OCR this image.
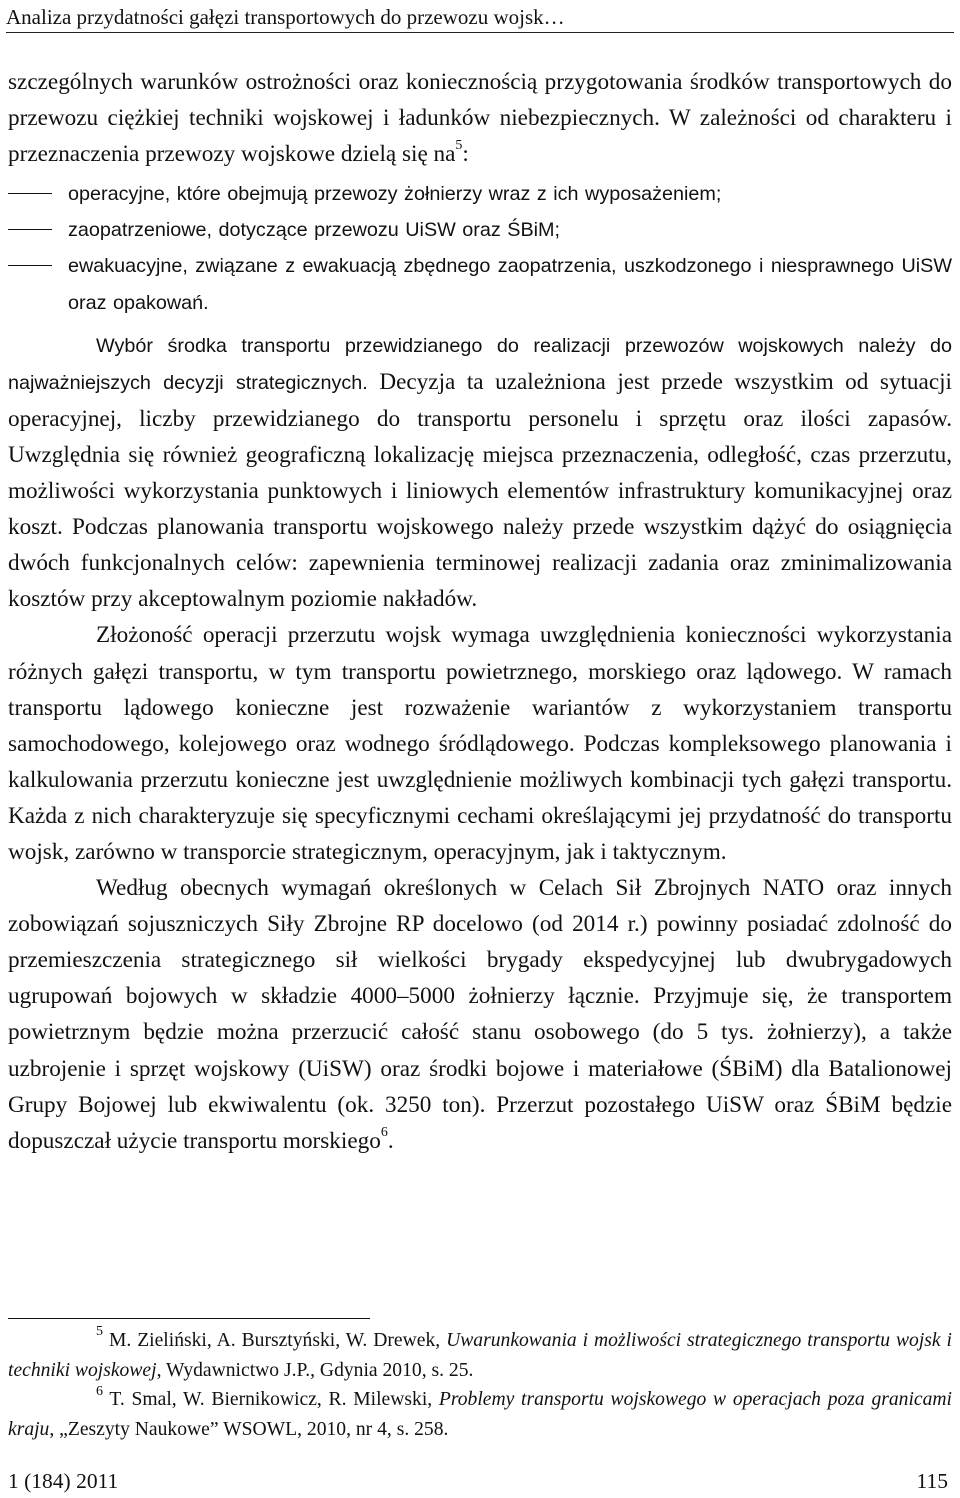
Analiza przydatności gałęzi transportowych do przewozu wojsk…

szczególnych warunków ostrożności oraz koniecznością przygotowania środków transportowych do przewozu ciężkiej techniki wojskowej i ładunków niebezpiecznych. W zależności od charakteru i przeznaczenia przewozy wojskowe dzielą się $na^5$:

operacyjne, które obejmują przewozy żołnierzy wraz z ich wyposażeniem;
zaopatrzeniowe, dotyczące przewozu UiSW oraz ŚBiM;
ewakuacyjne, związane z ewakuacją zbędnego zaopatrzenia, uszkodzonego i niesprawnego UiSW oraz opakowań.

Wybór środka transportu przewidzianego do realizacji przewozów wojskowych należy do najważniejszych decyzji strategicznych. Decyzja ta uzależniona jest przede wszystkim od sytuacji operacyjnej, liczby przewidzianego do transportu personelu i sprzętu oraz ilości zapasów. Uwzględnia się również geograficzną lokalizację miejsca przeznaczenia, odległość, czas przerzutu, możliwości wykorzystania punktowych i liniowych elementów infrastruktury komunikacyjnej oraz koszt. Podczas planowania transportu wojskowego należy przede wszystkim dążyć do osiągnięcia dwóch funkcjonalnych celów: zapewnienia terminowej realizacji zadania oraz zminimalizowania kosztów przy akceptowalnym poziomie nakładów.

Złożoność operacji przerzutu wojsk wymaga uwzględnienia konieczności wykorzystania różnych gałęzi transportu, w tym transportu powietrznego, morskiego oraz lądowego. W ramach transportu lądowego konieczne jest rozważenie wariantów z wykorzystaniem transportu samochodowego, kolejowego oraz wodnego śródlądowego. Podczas kompleksowego planowania i kalkulowania przerzutu konieczne jest uwzględnienie możliwych kombinacji tych gałęzi transportu. Każda z nich charakteryzuje się specyficznymi cechami określającymi jej przydatność do transportu wojsk, zarówno w transporcie strategicznym, operacyjnym, jak i taktycznym.

Według obecnych wymagań określonych w Celach Sił Zbrojnych NATO oraz innych zobowiązań sojuszniczych Siły Zbrojne RP docelowo (od 2014 r.) powinny posiadać zdolność do przemieszczenia strategicznego sił wielkości brygady ekspedycyjnej lub dwubrygadowych ugrupowań bojowych w składzie 4000–5000 żołnierzy łącznie. Przyjmuje się, że transportem powietrznym będzie można przerzucić całość stanu osobowego (do 5 tys. żołnierzy), a także uzbrojenie i sprzęt wojskowy (UiSW) oraz środki bojowe i materiałowe (ŚBiM) dla Batalionowej Grupy Bojowej lub ekwiwalentu (ok. 3250 ton). Przerzut pozostałego UiSW oraz ŚBiM będzie dopuszczał użycie transportu morskiego$^6$.

$^5$ M. Zieliński, A. Bursztyński, W. Drewek, Uwarunkowania i możliwości strategicznego transportu wojsk i techniki wojskowej, Wydawnictwo J.P., Gdynia 2010, s. 25.

$^6$ T. Smal, W. Biernikowicz, R. Milewski, Problemy transportu wojskowego w operacjach poza granicami kraju, „Zeszyty Naukowe” WSOWL, 2010, nr 4, s. 258.

1 (184) 2011	115
